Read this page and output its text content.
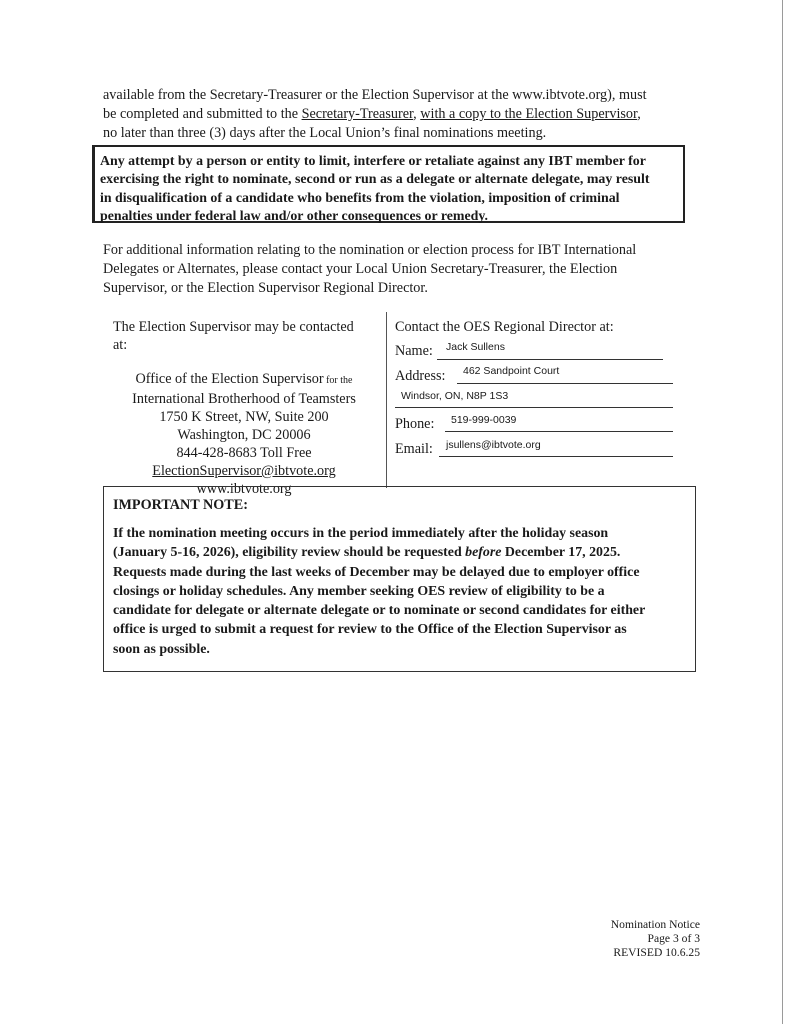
available from the Secretary-Treasurer or the Election Supervisor at the www.ibtvote.org), must
be completed and submitted to the Secretary-Treasurer, with a copy to the Election Supervisor,
no later than three (3) days after the Local Union’s final nominations meeting.
Any attempt by a person or entity to limit, interfere or retaliate against any IBT member for
exercising the right to nominate, second or run as a delegate or alternate delegate, may result
in disqualification of a candidate who benefits from the violation, imposition of criminal
penalties under federal law and/or other consequences or remedy.
For additional information relating to the nomination or election process for IBT International
Delegates or Alternates, please contact your Local Union Secretary-Treasurer, the Election
Supervisor, or the Election Supervisor Regional Director.
The Election Supervisor may be contacted
at:
Office of the Election Supervisor for the
International Brotherhood of Teamsters
1750 K Street, NW, Suite 200
Washington, DC 20006
844-428-8683 Toll Free
ElectionSupervisor@ibtvote.org
www.ibtvote.org
Contact the OES Regional Director at:
Name: Jack Sullens
Address: 462 Sandpoint Court
Windsor, ON, N8P 1S3
Phone: 519-999-0039
Email: jsullens@ibtvote.org
IMPORTANT NOTE:
If the nomination meeting occurs in the period immediately after the holiday season
(January 5-16, 2026), eligibility review should be requested before December 17, 2025.
Requests made during the last weeks of December may be delayed due to employer office
closings or holiday schedules. Any member seeking OES review of eligibility to be a
candidate for delegate or alternate delegate or to nominate or second candidates for either
office is urged to submit a request for review to the Office of the Election Supervisor as
soon as possible.
Nomination Notice
Page 3 of 3
REVISED 10.6.25
